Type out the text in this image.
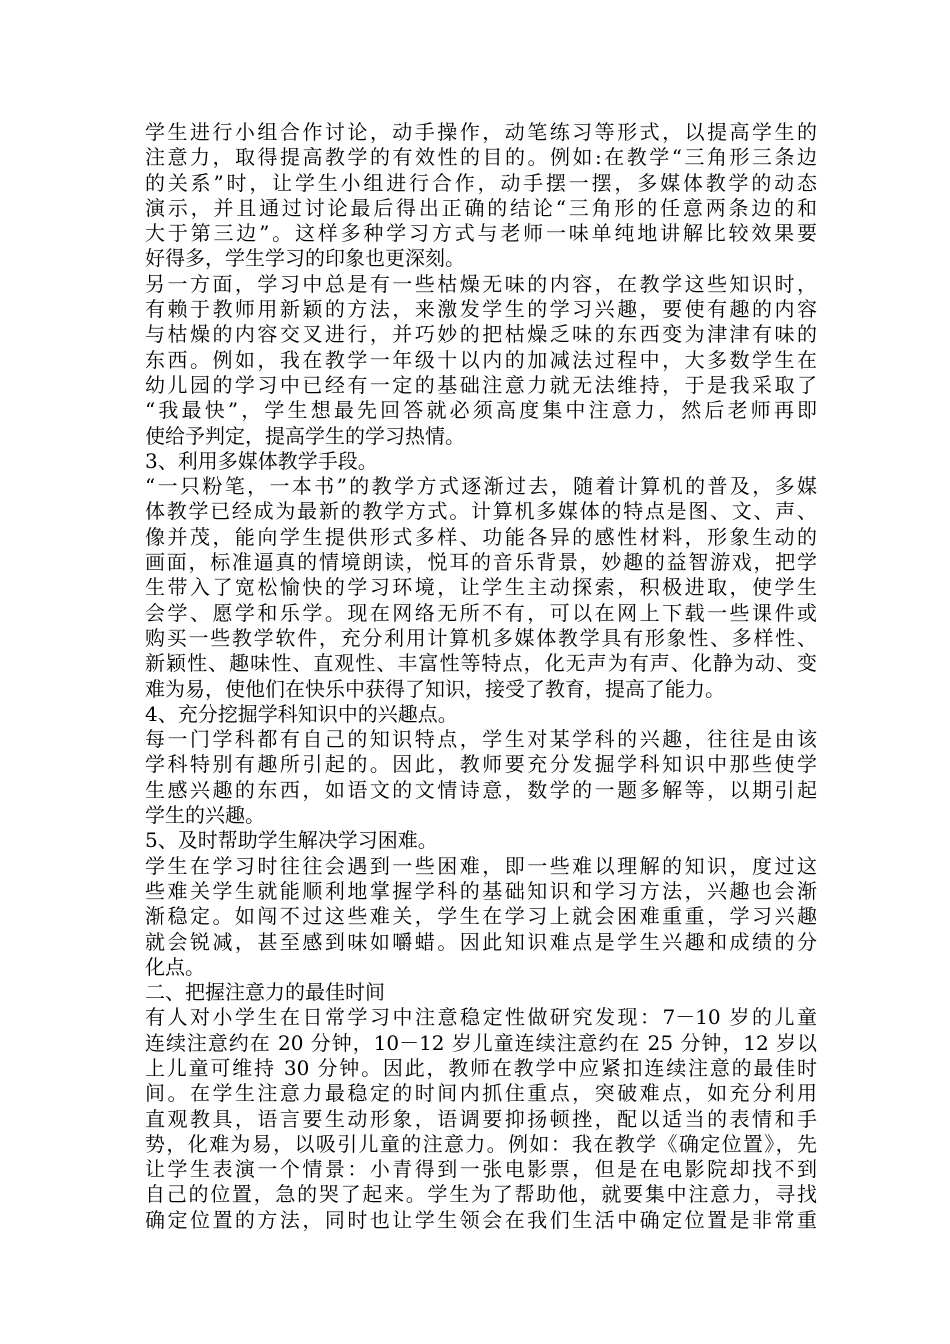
学生进行小组合作讨论，动手操作，动笔练习等形式，以提高学生的
注意力，取得提高教学的有效性的目的。例如:在教学“三角形三条边
的关系”时，让学生小组进行合作，动手摆一摆，多媒体教学的动态
演示，并且通过讨论最后得出正确的结论“三角形的任意两条边的和
大于第三边”。这样多种学习方式与老师一味单纯地讲解比较效果要
好得多，学生学习的印象也更深刻。
另一方面，学习中总是有一些枯燥无味的内容，在教学这些知识时，
有赖于教师用新颖的方法，来激发学生的学习兴趣，要使有趣的内容
与枯燥的内容交叉进行，并巧妙的把枯燥乏味的东西变为津津有味的
东西。例如，我在教学一年级十以内的加减法过程中，大多数学生在
幼儿园的学习中已经有一定的基础注意力就无法维持，于是我采取了
“我最快”，学生想最先回答就必须高度集中注意力，然后老师再即
使给予判定，提高学生的学习热情。
3、利用多媒体教学手段。
“一只粉笔，一本书”的教学方式逐渐过去，随着计算机的普及，多媒
体教学已经成为最新的教学方式。计算机多媒体的特点是图、文、声、
像并茂，能向学生提供形式多样、功能各异的感性材料，形象生动的
画面，标准逼真的情境朗读，悦耳的音乐背景，妙趣的益智游戏，把学
生带入了宽松愉快的学习环境，让学生主动探索，积极进取，使学生
会学、愿学和乐学。现在网络无所不有，可以在网上下载一些课件或
购买一些教学软件，充分利用计算机多媒体教学具有形象性、多样性、
新颖性、趣味性、直观性、丰富性等特点，化无声为有声、化静为动、变
难为易，使他们在快乐中获得了知识，接受了教育，提高了能力。
4、充分挖掘学科知识中的兴趣点。
每一门学科都有自己的知识特点，学生对某学科的兴趣，往往是由该
学科特别有趣所引起的。因此，教师要充分发掘学科知识中那些使学
生感兴趣的东西，如语文的文情诗意，数学的一题多解等，以期引起
学生的兴趣。
5、及时帮助学生解决学习困难。
学生在学习时往往会遇到一些困难，即一些难以理解的知识，度过这
些难关学生就能顺利地掌握学科的基础知识和学习方法，兴趣也会渐
渐稳定。如闯不过这些难关，学生在学习上就会困难重重，学习兴趣
就会锐减，甚至感到味如嚼蜡。因此知识难点是学生兴趣和成绩的分
化点。
二、把握注意力的最佳时间
有人对小学生在日常学习中注意稳定性做研究发现：7－10 岁的儿童
连续注意约在 20 分钟，10－12 岁儿童连续注意约在 25 分钟，12 岁以
上儿童可维持 30 分钟。因此，教师在教学中应紧扣连续注意的最佳时
间。在学生注意力最稳定的时间内抓住重点，突破难点，如充分利用
直观教具，语言要生动形象，语调要抑扬顿挫，配以适当的表情和手
势，化难为易，以吸引儿童的注意力。例如：我在教学《确定位置》，先
让学生表演一个情景：小青得到一张电影票，但是在电影院却找不到
自己的位置，急的哭了起来。学生为了帮助他，就要集中注意力，寻找
确定位置的方法，同时也让学生领会在我们生活中确定位置是非常重
